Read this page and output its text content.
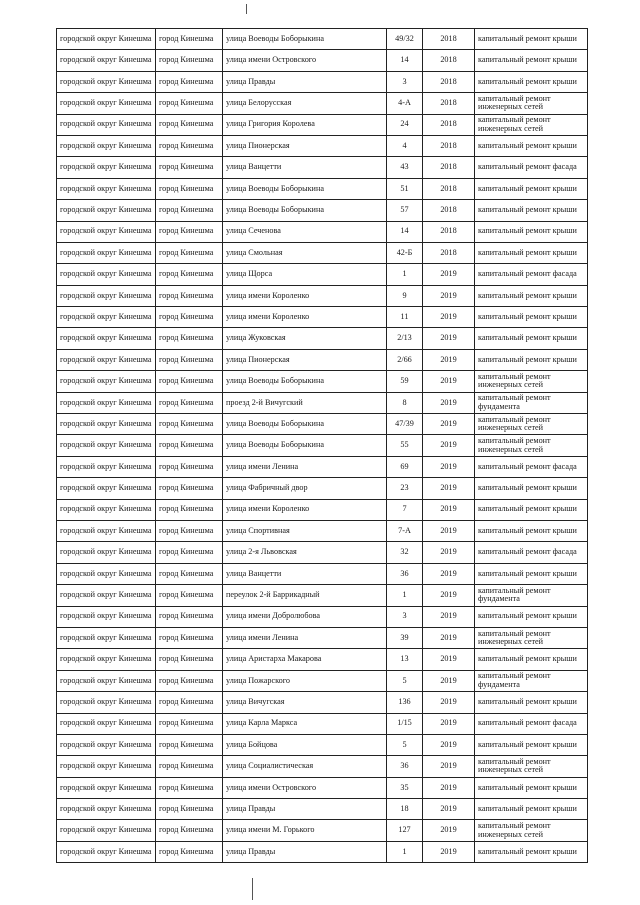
городской округ Кинешма	город Кинешма	улица Воеводы Боборыкина	49/32	2018	капитальный ремонт крыши
городской округ Кинешма	город Кинешма	улица имени Островского	14	2018	капитальный ремонт крыши
городской округ Кинешма	город Кинешма	улица Правды	3	2018	капитальный ремонт крыши
городской округ Кинешма	город Кинешма	улица Белорусская	4-А	2018	капитальный ремонт инженерных сетей
городской округ Кинешма	город Кинешма	улица Григория Королева	24	2018	капитальный ремонт инженерных сетей
городской округ Кинешма	город Кинешма	улица Пионерская	4	2018	капитальный ремонт крыши
городской округ Кинешма	город Кинешма	улица Ванцетти	43	2018	капитальный ремонт фасада
городской округ Кинешма	город Кинешма	улица Воеводы Боборыкина	51	2018	капитальный ремонт крыши
городской округ Кинешма	город Кинешма	улица Воеводы Боборыкина	57	2018	капитальный ремонт крыши
городской округ Кинешма	город Кинешма	улица Сеченова	14	2018	капитальный ремонт крыши
городской округ Кинешма	город Кинешма	улица Смольная	42-Б	2018	капитальный ремонт крыши
городской округ Кинешма	город Кинешма	улица Щорса	1	2019	капитальный ремонт фасада
городской округ Кинешма	город Кинешма	улица имени Короленко	9	2019	капитальный ремонт крыши
городской округ Кинешма	город Кинешма	улица имени Короленко	11	2019	капитальный ремонт крыши
городской округ Кинешма	город Кинешма	улица Жуковская	2/13	2019	капитальный ремонт крыши
городской округ Кинешма	город Кинешма	улица Пионерская	2/66	2019	капитальный ремонт крыши
городской округ Кинешма	город Кинешма	улица Воеводы Боборыкина	59	2019	капитальный ремонт инженерных сетей
городской округ Кинешма	город Кинешма	проезд 2-й Вичугский	8	2019	капитальный ремонт фундамента
городской округ Кинешма	город Кинешма	улица Воеводы Боборыкина	47/39	2019	капитальный ремонт инженерных сетей
городской округ Кинешма	город Кинешма	улица Воеводы Боборыкина	55	2019	капитальный ремонт инженерных сетей
городской округ Кинешма	город Кинешма	улица имени Ленина	69	2019	капитальный ремонт фасада
городской округ Кинешма	город Кинешма	улица Фабричный двор	23	2019	капитальный ремонт крыши
городской округ Кинешма	город Кинешма	улица имени Короленко	7	2019	капитальный ремонт крыши
городской округ Кинешма	город Кинешма	улица Спортивная	7-А	2019	капитальный ремонт крыши
городской округ Кинешма	город Кинешма	улица 2-я Львовская	32	2019	капитальный ремонт фасада
городской округ Кинешма	город Кинешма	улица Ванцетти	36	2019	капитальный ремонт крыши
городской округ Кинешма	город Кинешма	переулок 2-й Баррикадный	1	2019	капитальный ремонт фундамента
городской округ Кинешма	город Кинешма	улица имени Добролюбова	3	2019	капитальный ремонт крыши
городской округ Кинешма	город Кинешма	улица имени Ленина	39	2019	капитальный ремонт инженерных сетей
городской округ Кинешма	город Кинешма	улица Аристарха Макарова	13	2019	капитальный ремонт крыши
городской округ Кинешма	город Кинешма	улица Пожарского	5	2019	капитальный ремонт фундамента
городской округ Кинешма	город Кинешма	улица Вичугская	136	2019	капитальный ремонт крыши
городской округ Кинешма	город Кинешма	улица Карла Маркса	1/15	2019	капитальный ремонт фасада
городской округ Кинешма	город Кинешма	улица Бойцова	5	2019	капитальный ремонт крыши
городской округ Кинешма	город Кинешма	улица Социалистическая	36	2019	капитальный ремонт инженерных сетей
городской округ Кинешма	город Кинешма	улица имени Островского	35	2019	капитальный ремонт крыши
городской округ Кинешма	город Кинешма	улица Правды	18	2019	капитальный ремонт крыши
городской округ Кинешма	город Кинешма	улица имени М. Горького	127	2019	капитальный ремонт инженерных сетей
городской округ Кинешма	город Кинешма	улица Правды	1	2019	капитальный ремонт крыши
